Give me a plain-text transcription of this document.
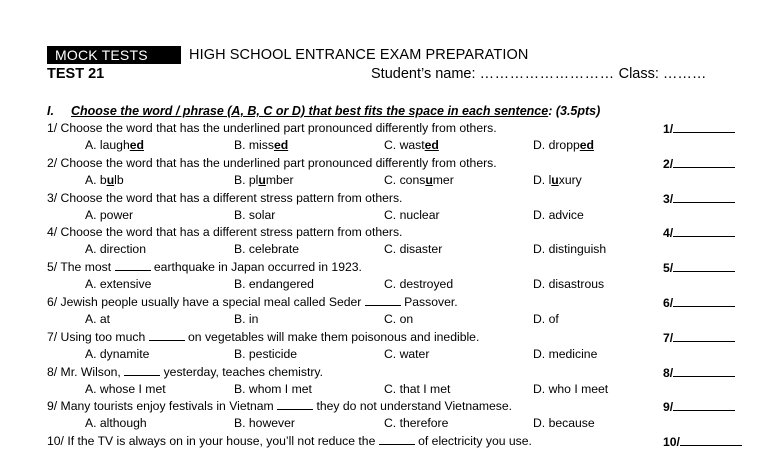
MOCK TESTS	HIGH SCHOOL ENTRANCE EXAM PREPARATION
TEST 21	Student’s name: ……………………… Class: ………
I. Choose the word / phrase (A, B, C or D) that best fits the space in each sentence: (3.5pts)
1/ Choose the word that has the underlined part pronounced differently from others.	1/
A. laughed	B. missed	C. wasted	D. dropped
2/ Choose the word that has the underlined part pronounced differently from others.	2/
A. bulb	B. plumber	C. consumer	D. luxury
3/ Choose the word that has a different stress pattern from others.	3/
A. power	B. solar	C. nuclear	D. advice
4/ Choose the word that has a different stress pattern from others.	4/
A. direction	B. celebrate	C. disaster	D. distinguish
5/ The most	earthquake in Japan occurred in 1923.	5/
A. extensive	B. endangered	C. destroyed	D. disastrous
6/ Jewish people usually have a special meal called Seder	Passover.	6/
A. at	B. in	C. on	D. of
7/ Using too much	on vegetables will make them poisonous and inedible.	7/
A. dynamite	B. pesticide	C. water	D. medicine
8/ Mr. Wilson,	yesterday, teaches chemistry.	8/
A. whose I met	B. whom I met	C. that I met	D. who I meet
9/ Many tourists enjoy festivals in Vietnam	they do not understand Vietnamese.	9/
A. although	B. however	C. therefore	D. because
10/ If the TV is always on in your house, you’ll not reduce the	of electricity you use.	10/
